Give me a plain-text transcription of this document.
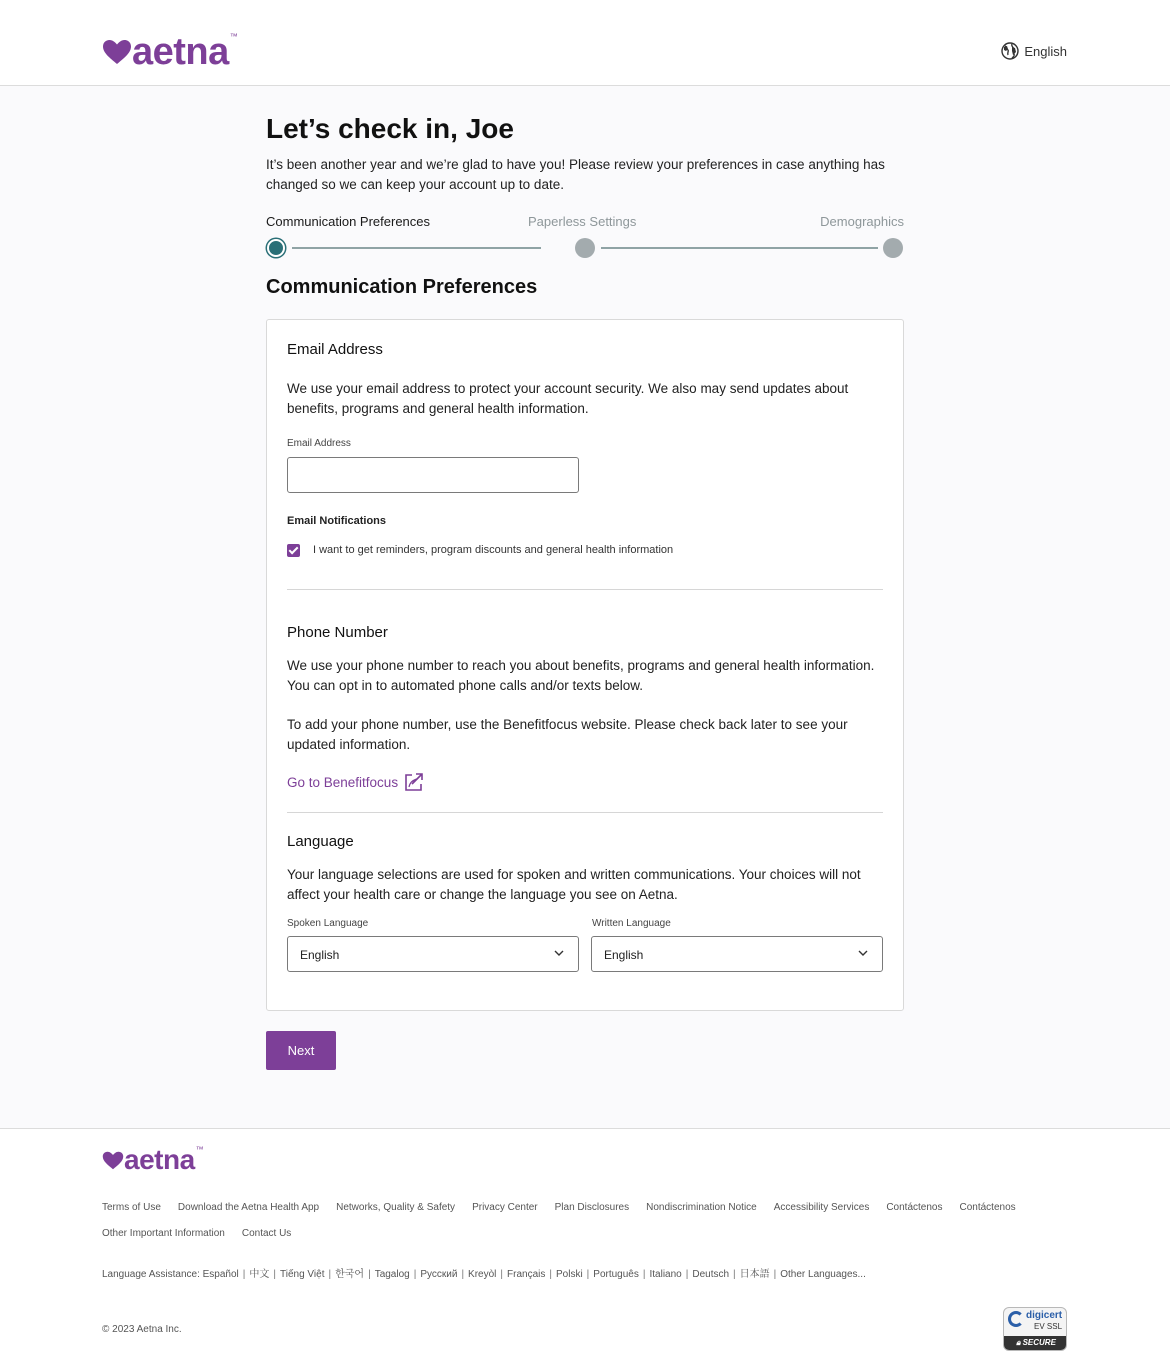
aetna ™
English
Let’s check in, Joe

It’s been another year and we’re glad to have you! Please review your preferences in case anything has changed so we can keep your account up to date.

Communication Preferences	Paperless Settings	Demographics
Communication Preferences
Email Address
We use your email address to protect your account security. We also may send updates about benefits, programs and general health information.
Email Address
Email Notifications
I want to get reminders, program discounts and general health information
Phone Number
We use your phone number to reach you about benefits, programs and general health information. You can opt in to automated phone calls and/or texts below.
To add your phone number, use the Benefitfocus website. Please check back later to see your updated information.
Go to Benefitfocus
Language
Your language selections are used for spoken and written communications. Your choices will not affect your health care or change the language you see on Aetna.
Spoken Language	Written Language
English	English
Next
aetna ™
Terms of Use Download the Aetna Health App Networks, Quality & Safety Privacy Center Plan Disclosures Nondiscrimination Notice Accessibility Services Contáctenos Contáctenos
Other Important Information Contact Us
Language Assistance: Español | 中文 | Tiếng Việt | 한국어 | Tagalog | Русский | Kreyòl | Français | Polski | Português | Italiano | Deutsch | 日本語 | Other Languages...
© 2023 Aetna Inc.
digicert
EV SSL
🔒︎ SECURE
